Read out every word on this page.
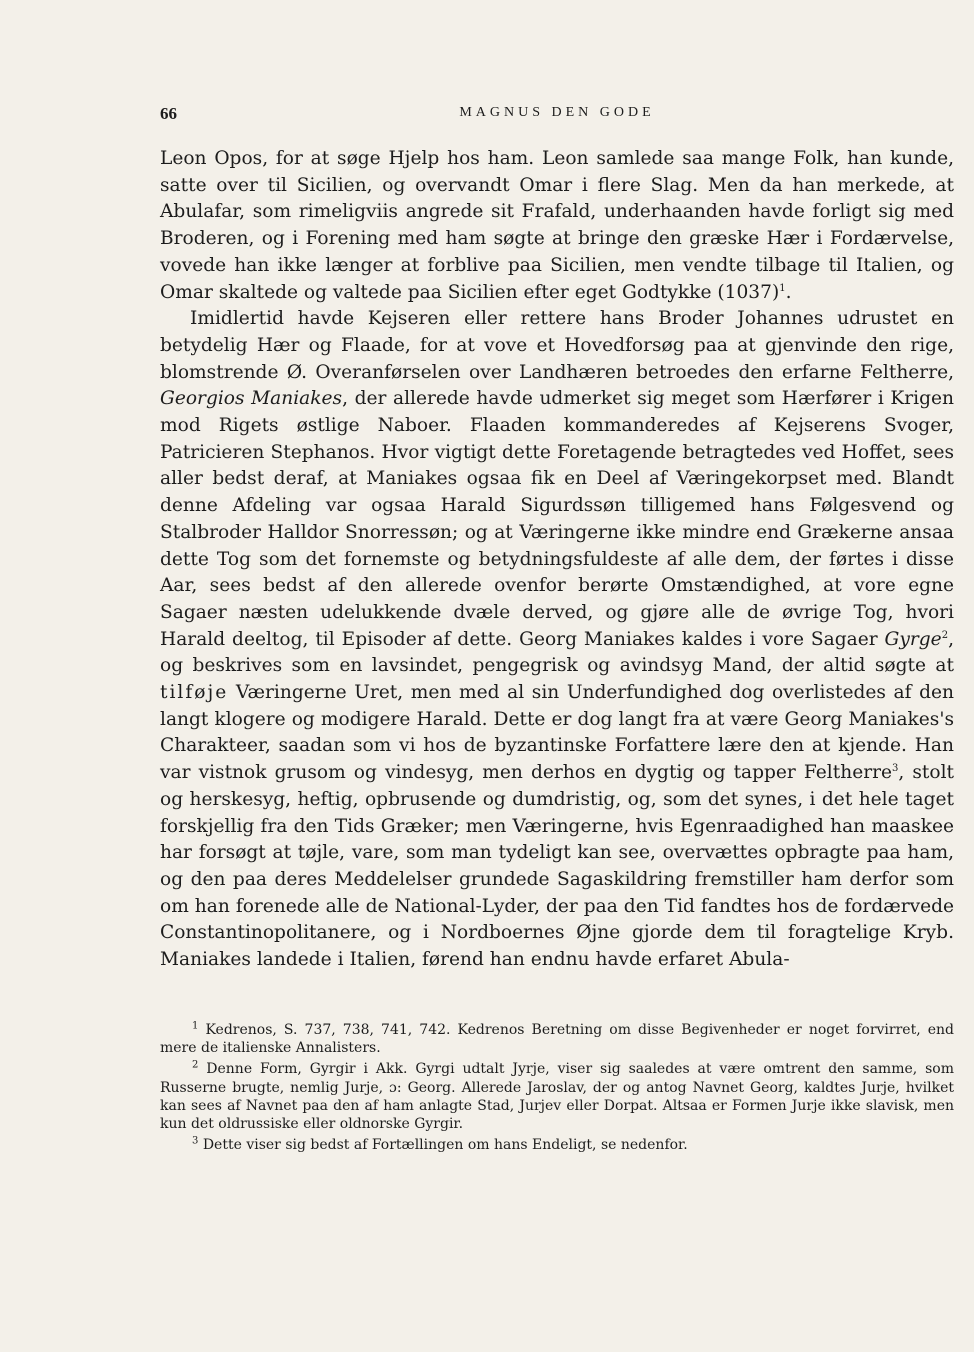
66	MAGNUS DEN GODE

Leon Opos, for at søge Hjelp hos ham. Leon samlede saa mange Folk, han kunde, satte over til Sicilien, og overvandt Omar i flere Slag. Men da han merkede, at Abulafar, som rimeligviis angrede sit Frafald, underhaanden havde forligt sig med Broderen, og i Forening med ham søgte at bringe den græske Hær i Fordærvelse, vovede han ikke længer at forblive paa Sicilien, men vendte tilbage til Italien, og Omar skaltede og valtede paa Sicilien efter eget Godtykke $(1037)^1$.

Imidlertid havde Kejseren eller rettere hans Broder Johannes udrustet en betydelig Hær og Flaade, for at vove et Hovedforsøg paa at gjenvinde den rige, blomstrende Ø. Overanførselen over Landhæren betroedes den erfarne Feltherre, Georgios Maniakes, der allerede havde udmerket sig meget som Hærfører i Krigen mod Rigets østlige Naboer. Flaaden kommanderedes af Kejserens Svoger, Patricieren Stephanos. Hvor vigtigt dette Foretagende betragtedes ved Hoffet, sees aller bedst deraf, at Maniakes ogsaa fik en Deel af Væringekorpset med. Blandt denne Afdeling var ogsaa Harald Sigurdssøn tilligemed hans Følgesvend og Stalbroder Halldor Snorressøn; og at Væringerne ikke mindre end Grækerne ansaa dette Tog som det fornemste og betydningsfuldeste af alle dem, der førtes i disse Aar, sees bedst af den allerede ovenfor berørte Omstændighed, at vore egne Sagaer næsten udelukkende dvæle derved, og gjøre alle de øvrige Tog, hvori Harald deeltog, til Episoder af dette. Georg Maniakes kaldes i vore Sagaer Gyrge$^2$, og beskrives som en lavsindet, pengegrisk og avindsyg Mand, der altid søgte at tilføje Væringerne Uret, men med al sin Underfundighed dog overlistedes af den langt klogere og modigere Harald. Dette er dog langt fra at være Georg Maniakes's Charakteer, saadan som vi hos de byzantinske Forfattere lære den at kjende. Han var vistnok grusom og vindesyg, men derhos en dygtig og tapper Feltherre$^3$, stolt og herskesyg, heftig, opbrusende og dumdristig, og, som det synes, i det hele taget forskjellig fra den Tids Græker; men Væringerne, hvis Egenraadighed han maaskee har forsøgt at tøjle, vare, som man tydeligt kan see, overvættes opbragte paa ham, og den paa deres Meddelelser grundede Sagaskildring fremstiller ham derfor som om han forenede alle de National-Lyder, der paa den Tid fandtes hos de fordærvede Constantinopolitanere, og i Nordboernes Øjne gjorde dem til foragtelige Kryb. Maniakes landede i Italien, førend han endnu havde erfaret Abula-

$^1$ Kedrenos, S. 737, 738, 741, 742. Kedrenos Beretning om disse Begivenheder er noget forvirret, end mere de italienske Annalisters.

$^2$ Denne Form, Gyrgir i Akk. Gyrgi udtalt Jyrje, viser sig saaledes at være omtrent den samme, som Russerne brugte, nemlig Jurje, ɔ: Georg. Allerede Jaroslav, der og antog Navnet Georg, kaldtes Jurje, hvilket kan sees af Navnet paa den af ham anlagte Stad, Jurjev eller Dorpat. Altsaa er Formen Jurje ikke slavisk, men kun det oldrussiske eller oldnorske Gyrgir.

$^3$ Dette viser sig bedst af Fortællingen om hans Endeligt, se nedenfor.
